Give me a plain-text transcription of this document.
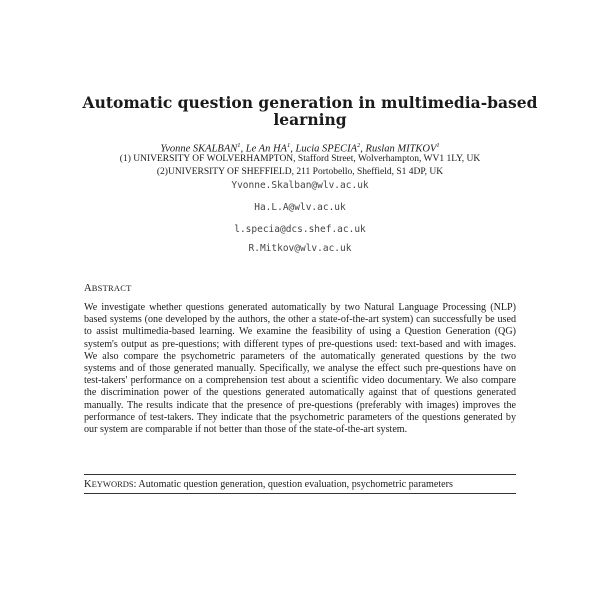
Automatic question generation in multimedia-based learning
Yvonne SKALBAN$^1$, Le An $HA^1$, Lucia SPECIA$^2$, Ruslan MITKOV$^1$
(1) UNIVERSITY OF WOLVERHAMPTON, Stafford Street, Wolverhampton, WV1 1LY, UK
(2)UNIVERSITY OF SHEFFIELD, 211 Portobello, Sheffield, S1 4DP, UK
Yvonne.Skalban@wlv.ac.uk
Ha.L.A@wlv.ac.uk
l.specia@dcs.shef.ac.uk
R.Mitkov@wlv.ac.uk
ABSTRACT
We investigate whether questions generated automatically by two Natural Language Processing (NLP) based systems (one developed by the authors, the other a state-of-the-art system) can successfully be used to assist multimedia-based learning. We examine the feasibility of using a Question Generation (QG) system's output as pre-questions; with different types of pre-questions used: text-based and with images. We also compare the psychometric parameters of the automatically generated questions by the two systems and of those generated manually. Specifically, we analyse the effect such pre-questions have on test-takers' performance on a comprehension test about a scientific video documentary. We also compare the discrimination power of the questions generated automatically against that of questions generated manually. The results indicate that the presence of pre-questions (preferably with images) improves the performance of test-takers. They indicate that the psychometric parameters of the questions generated by our system are comparable if not better than those of the state-of-the-art system.
KEYWORDS: Automatic question generation, question evaluation, psychometric parameters
